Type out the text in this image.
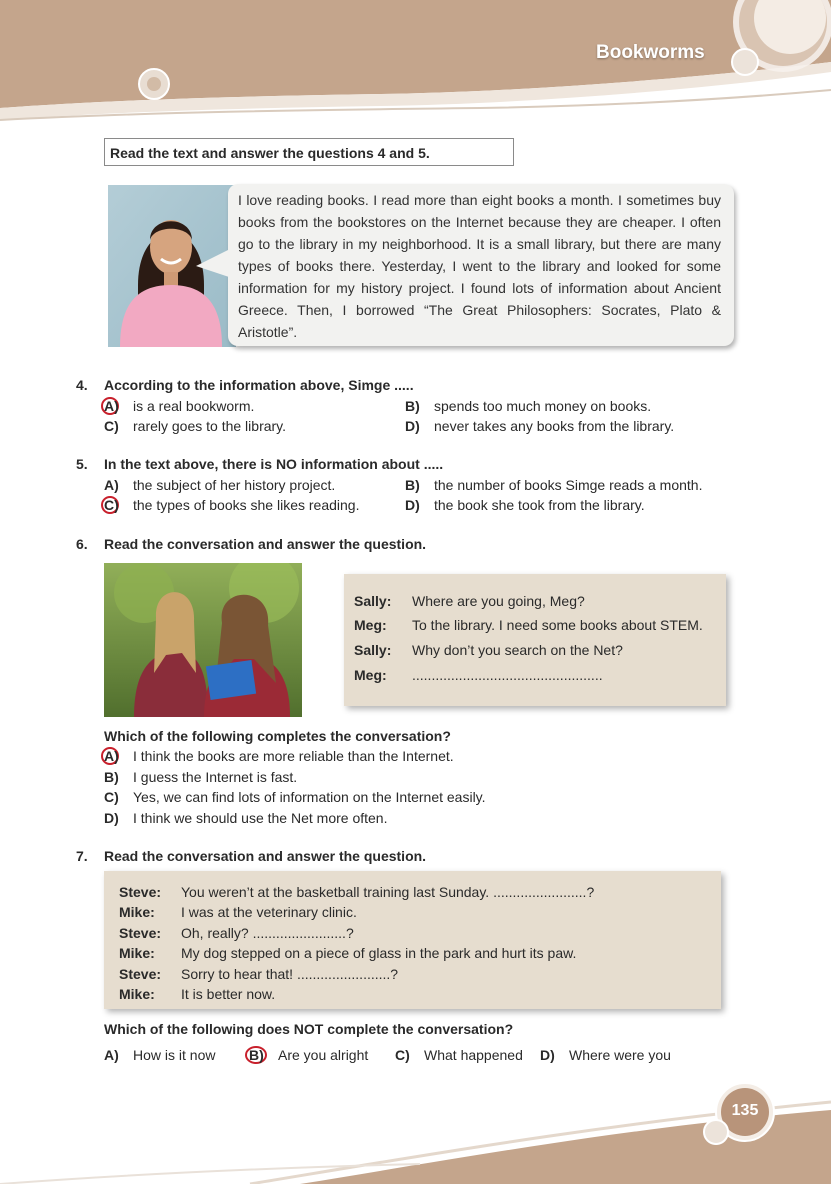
Bookworms
Read the text and answer the questions 4 and 5.
I love reading books. I read more than eight books a month. I sometimes buy books from the bookstores on the Internet because they are cheaper. I often go to the library in my neighborhood. It is a small library, but there are many types of books there. Yesterday, I went to the library and looked for some information for my history project. I found lots of information about Ancient Greece. Then, I borrowed “The Great Philosophers: Socrates, Plato & Aristotle”.
4. According to the information above, Simge .....
A) is a real bookworm.	B) spends too much money on books.
C) rarely goes to the library.	D) never takes any books from the library.
5. In the text above, there is NO information about .....
A) the subject of her history project.	B) the number of books Simge reads a month.
C) the types of books she likes reading.	D) the book she took from the library.
6. Read the conversation and answer the question.
Sally: Where are you going, Meg?
Meg: To the library. I need some books about STEM.
Sally: Why don’t you search on the Net?
Meg: .................................................
Which of the following completes the conversation?
A) I think the books are more reliable than the Internet.
B) I guess the Internet is fast.
C) Yes, we can find lots of information on the Internet easily.
D) I think we should use the Net more often.
7. Read the conversation and answer the question.
Steve: You weren’t at the basketball training last Sunday. ........................?
Mike: I was at the veterinary clinic.
Steve: Oh, really? ........................?
Mike: My dog stepped on a piece of glass in the park and hurt its paw.
Steve: Sorry to hear that! ........................?
Mike: It is better now.
Which of the following does NOT complete the conversation?
A) How is it now B) Are you alright C) What happened D) Where were you
135
